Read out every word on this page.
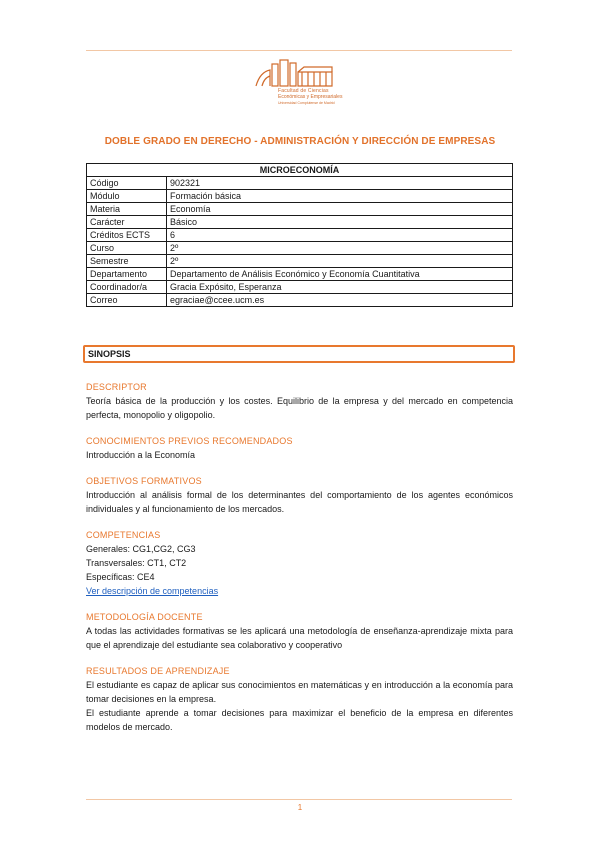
Facultad de Ciencias
Económicas y Empresariales
Universidad Complutense de Madrid
DOBLE GRADO EN DERECHO - ADMINISTRACIÓN Y DIRECCIÓN DE EMPRESAS
MICROECONOMÍA	
Código	902321
Módulo	Formación básica
Materia	Economía
Carácter	Básico
Créditos ECTS	6
Curso	2º
Semestre	2º
Departamento	Departamento de Análisis Económico y Economía Cuantitativa
Coordinador/a	Gracia Expósito, Esperanza
Correo	egraciae@ccee.ucm.es
SINOPSIS

DESCRIPTOR

Teoría básica de la producción y los costes. Equilibrio de la empresa y del mercado en competencia perfecta, monopolio y oligopolio.

CONOCIMIENTOS PREVIOS RECOMENDADOS

Introducción a la Economía

OBJETIVOS FORMATIVOS

Introducción al análisis formal de los determinantes del comportamiento de los agentes económicos individuales y al funcionamiento de los mercados.

COMPETENCIAS

Generales: CG1,CG2, CG3

Transversales: CT1, CT2

Específicas: CE4

Ver descripción de competencias

METODOLOGÍA DOCENTE

A todas las actividades formativas se les aplicará una metodología de enseñanza-aprendizaje mixta para que el aprendizaje del estudiante sea colaborativo y cooperativo

RESULTADOS DE APRENDIZAJE

El estudiante es capaz de aplicar sus conocimientos en matemáticas y en introducción a la economía para tomar decisiones en la empresa.

El estudiante aprende a tomar decisiones para maximizar el beneficio de la empresa en diferentes modelos de mercado.

1
